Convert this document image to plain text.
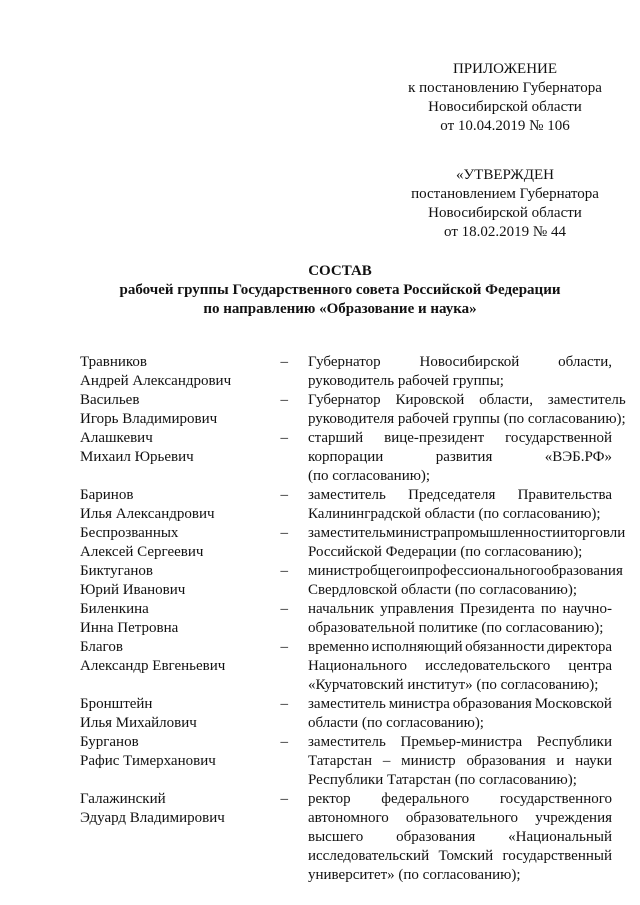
ПРИЛОЖЕНИЕ
к постановлению Губернатора
Новосибирской области
от 10.04.2019 № 106
«УТВЕРЖДЕН
постановлением Губернатора
Новосибирской области
от 18.02.2019 № 44
СОСТАВ
рабочей группы Государственного совета Российской Федерации
по направлению «Образование и наука»
Травников
Андрей Александрович
– Губернатор	Новосибирской	области,
руководитель рабочей группы;
Васильев
Игорь Владимирович
– Губернатор Кировской области, заместитель
руководителя рабочей группы (по согласованию);
Алашкевич
Михаил Юрьевич
– старший вице-президент государственной
корпорации	развития	«ВЭБ.РФ»
(по согласованию);
Баринов
Илья Александрович
– заместитель Председателя Правительства
Калининградской области (по согласованию);
Беспрозванных
Алексей Сергеевич
– заместитель министра промышленности и торговли
Российской Федерации (по согласованию);
Биктуганов
Юрий Иванович
– министр общего и профессионального образования
Свердловской области (по согласованию);
Биленкина
Инна Петровна
– начальник управления Президента по научно-
образовательной политике (по согласованию);
Благов
Александр Евгеньевич
– временно исполняющий обязанности директора
Национального исследовательского центра
«Курчатовский институт» (по согласованию);
Бронштейн
Илья Михайлович
– заместитель министра образования Московской
области (по согласованию);
Бурганов
Рафис Тимерханович
– заместитель Премьер-министра Республики
Татарстан – министр образования и науки
Республики Татарстан (по согласованию);
Галажинский
Эдуард Владимирович
– ректор федерального государственного
автономного образовательного учреждения
высшего образования «Национальный
исследовательский Томский государственный
университет» (по согласованию);
